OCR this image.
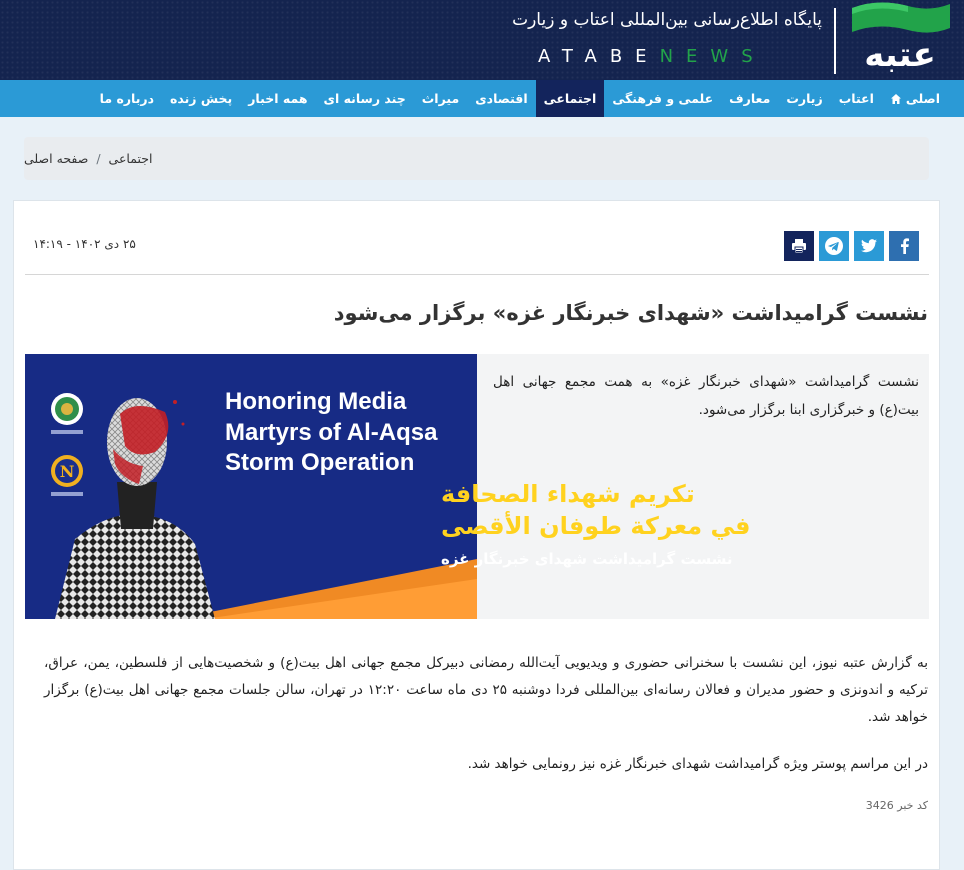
عتبه
پایگاه اطلاع‌رسانی بین‌المللی اعتاب و زیارت
ATABENEWS
اصلی
اعتاب
زیارت
معارف
علمی و فرهنگی
اجتماعی
اقتصادی
میراث
چند رسانه ای
همه اخبار
پخش زنده
درباره ما
صفحه اصلی / اجتماعی
۲۵ دی ۱۴۰۲ - ۱۴:۱۹
نشست گرامیداشت «شهدای خبرنگار غزه» برگزار می‌شود
نشست گرامیداشت «شهدای خبرنگار غزه» به همت مجمع جهانی اهل بیت(ع) و خبرگزاری ابنا برگزار می‌شود.
N
Honoring Media
Martyrs of Al-Aqsa
Storm Operation
تكريم شهداء الصحافة
في معركة طوفان الأقصى
نشست گرامیداشت شهدای خبرنگار غزه
به گزارش عتبه نیوز، این نشست با سخنرانی حضوری و ویدیویی آیت‌الله رمضانی دبیرکل مجمع جهانی اهل بیت(ع) و شخصیت‌هایی از فلسطین، یمن، عراق، ترکیه و اندونزی و حضور مدیران و فعالان رسانه‌ای بین‌المللی فردا دوشنبه ۲۵ دی ماه ساعت ۱۲:۲۰ در تهران، سالن جلسات مجمع جهانی اهل بیت(ع) برگزار خواهد شد.
در این مراسم پوستر ویژه گرامیداشت شهدای خبرنگار غزه نیز رونمایی خواهد شد.
کد خبر 3426
